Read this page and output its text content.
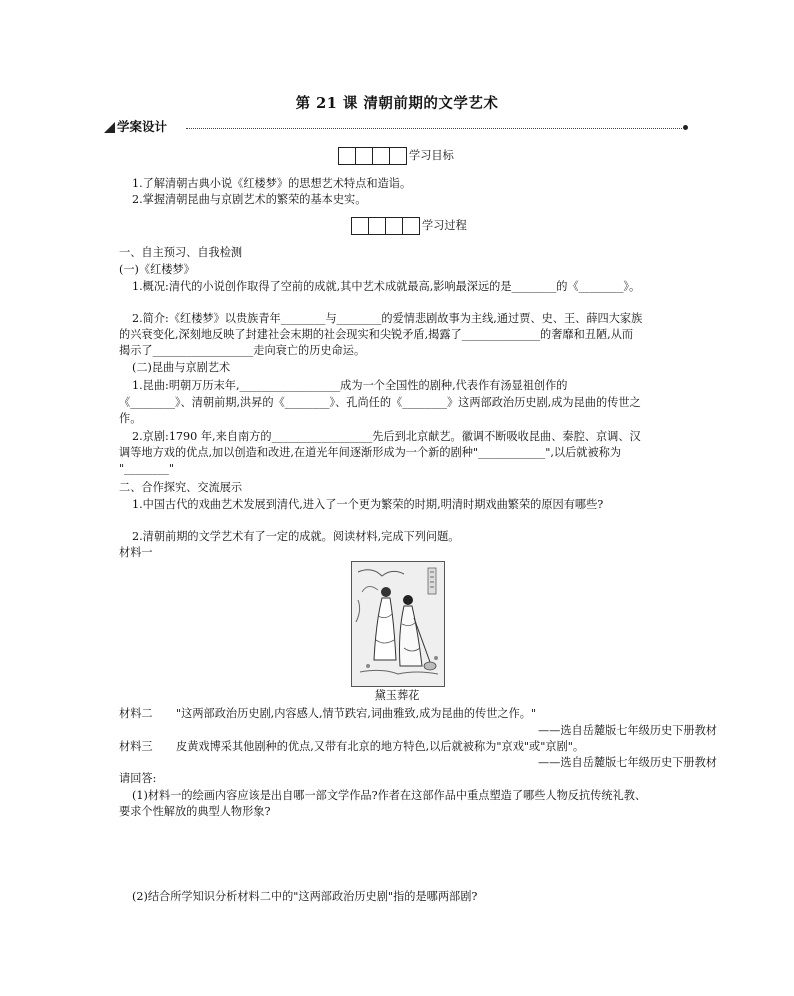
第 21 课 清朝前期的文学艺术
学案设计
学习目标
1.了解清朝古典小说《红楼梦》的思想艺术特点和造诣。
2.掌握清朝昆曲与京剧艺术的繁荣的基本史实。
学习过程
一、自主预习、自我检测
(一)《红楼梦》
1.概况:清代的小说创作取得了空前的成就,其中艺术成就最高,影响最深远的是________的《________》。
2.简介:《红楼梦》以贵族青年________与________的爱情悲剧故事为主线,通过贾、史、王、薛四大家族
的兴衰变化,深刻地反映了封建社会末期的社会现实和尖锐矛盾,揭露了______________的奢靡和丑陋,从而
揭示了__________________走向衰亡的历史命运。
(二)昆曲与京剧艺术
1.昆曲:明朝万历末年,__________________成为一个全国性的剧种,代表作有汤显祖创作的
《________》、清朝前期,洪昇的《________》、孔尚任的《________》这两部政治历史剧,成为昆曲的传世之
作。
2.京剧:1790 年,来自南方的__________________先后到北京献艺。徽调不断吸收昆曲、秦腔、京调、汉
调等地方戏的优点,加以创造和改进,在道光年间逐渐形成为一个新的剧种"____________",以后就被称为
"________"
二、合作探究、交流展示
1.中国古代的戏曲艺术发展到清代,进入了一个更为繁荣的时期,明清时期戏曲繁荣的原因有哪些?
2.清朝前期的文学艺术有了一定的成就。阅读材料,完成下列问题。
材料一
黛玉葬花
材料二 "这两部政治历史剧,内容感人,情节跌宕,词曲雅致,成为昆曲的传世之作。"
——选自岳麓版七年级历史下册教材
材料三 皮黄戏博采其他剧种的优点,又带有北京的地方特色,以后就被称为"京戏"或"京剧"。
——选自岳麓版七年级历史下册教材
请回答:
(1)材料一的绘画内容应该是出自哪一部文学作品?作者在这部作品中重点塑造了哪些人物反抗传统礼教、
要求个性解放的典型人物形象?
(2)结合所学知识分析材料二中的"这两部政治历史剧"指的是哪两部剧?
